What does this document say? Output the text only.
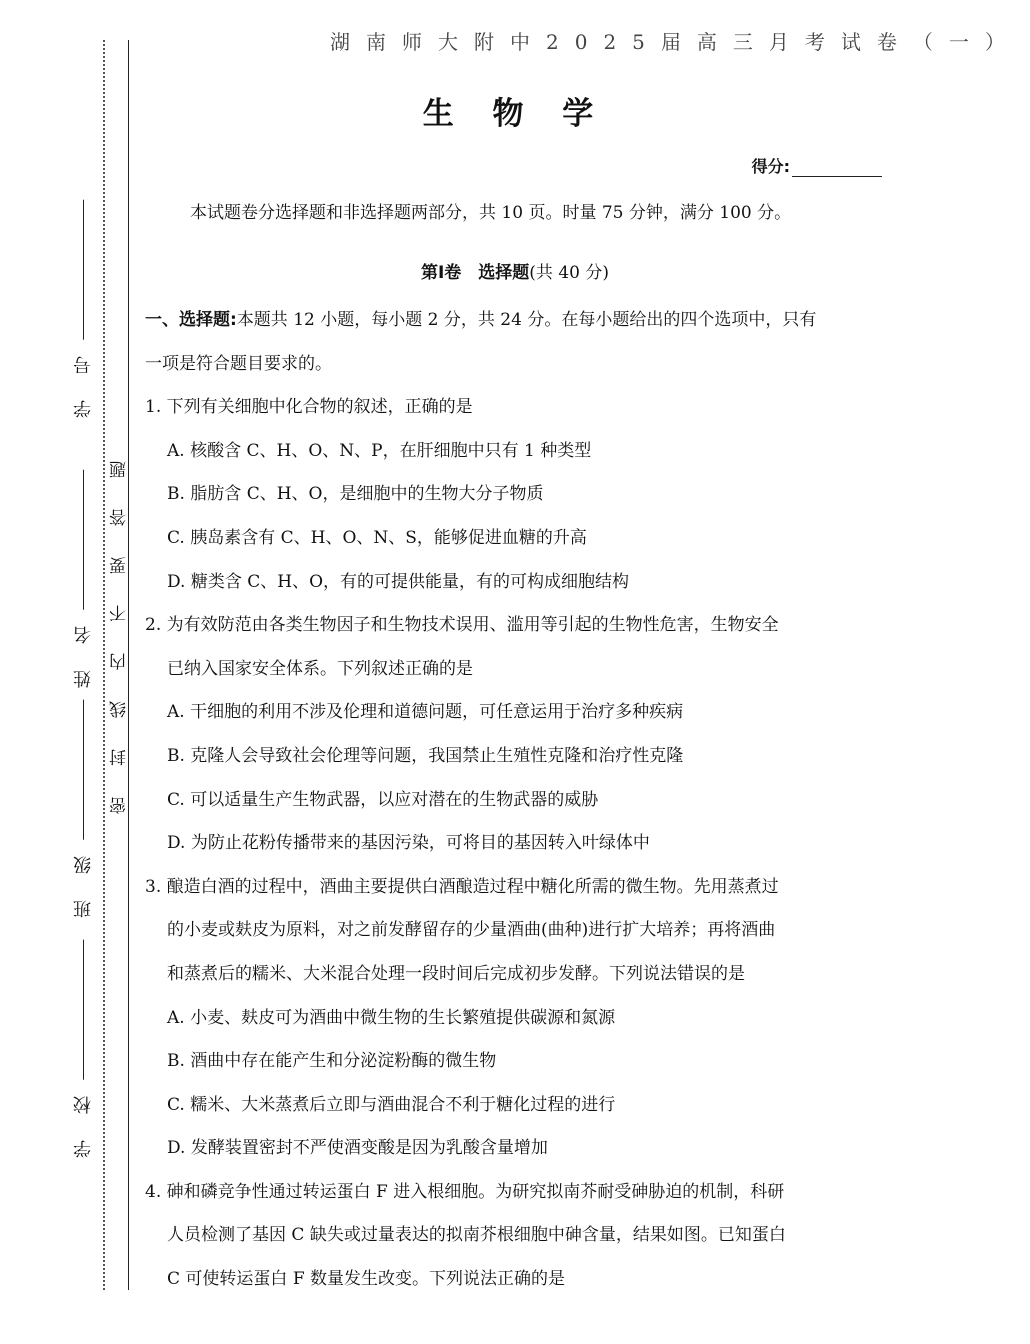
学 号
姓 名
班 级
学 校
密封线内不要答题
湖南师大附中2025届高三月考试卷（一）
生 物 学
得分:
本试题卷分选择题和非选择题两部分，共 10 页。时量 75 分钟，满分 100 分。
第Ⅰ卷　选择题(共 40 分)
一、选择题:本题共 12 小题，每小题 2 分，共 24 分。在每小题给出的四个选项中，只有
一项是符合题目要求的。
1. 下列有关细胞中化合物的叙述，正确的是
A. 核酸含 C、H、O、N、P，在肝细胞中只有 1 种类型
B. 脂肪含 C、H、O，是细胞中的生物大分子物质
C. 胰岛素含有 C、H、O、N、S，能够促进血糖的升高
D. 糖类含 C、H、O，有的可提供能量，有的可构成细胞结构
2. 为有效防范由各类生物因子和生物技术误用、滥用等引起的生物性危害，生物安全
已纳入国家安全体系。下列叙述正确的是
A. 干细胞的利用不涉及伦理和道德问题，可任意运用于治疗多种疾病
B. 克隆人会导致社会伦理等问题，我国禁止生殖性克隆和治疗性克隆
C. 可以适量生产生物武器，以应对潜在的生物武器的威胁
D. 为防止花粉传播带来的基因污染，可将目的基因转入叶绿体中
3. 酿造白酒的过程中，酒曲主要提供白酒酿造过程中糖化所需的微生物。先用蒸煮过
的小麦或麸皮为原料，对之前发酵留存的少量酒曲(曲种)进行扩大培养；再将酒曲
和蒸煮后的糯米、大米混合处理一段时间后完成初步发酵。下列说法错误的是
A. 小麦、麸皮可为酒曲中微生物的生长繁殖提供碳源和氮源
B. 酒曲中存在能产生和分泌淀粉酶的微生物
C. 糯米、大米蒸煮后立即与酒曲混合不利于糖化过程的进行
D. 发酵装置密封不严使酒变酸是因为乳酸含量增加
4. 砷和磷竞争性通过转运蛋白 F 进入根细胞。为研究拟南芥耐受砷胁迫的机制，科研
人员检测了基因 C 缺失或过量表达的拟南芥根细胞中砷含量，结果如图。已知蛋白
C 可使转运蛋白 F 数量发生改变。下列说法正确的是
